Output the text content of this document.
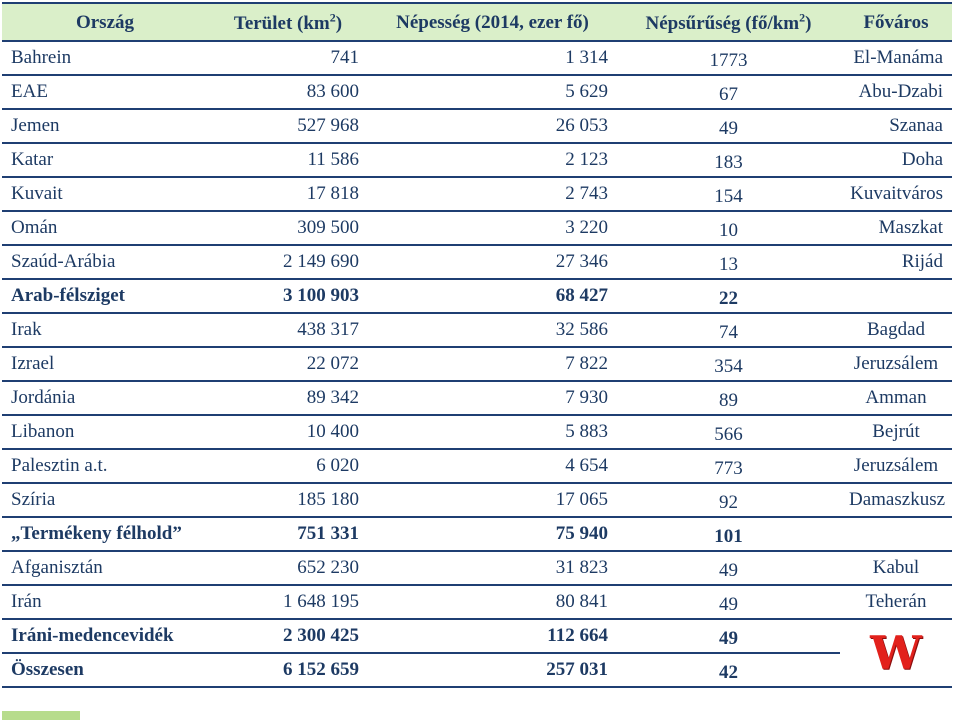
Ország	Terület $(km^2)$	Népesség (2014, ezer fő)	Népsűrűség $(fő/km^2)$	Főváros
Bahrein	741	1 314	1773	El-Manáma
EAE	83 600	5 629	67	Abu-Dzabi
Jemen	527 968	26 053	49	Szanaa
Katar	11 586	2 123	183	Doha
Kuvait	17 818	2 743	154	Kuvaitváros
Omán	309 500	3 220	10	Maszkat
Szaúd-Arábia	2 149 690	27 346	13	Rijád
Arab-félsziget	3 100 903	68 427	22	
Irak	438 317	32 586	74	Bagdad
Izrael	22 072	7 822	354	Jeruzsálem
Jordánia	89 342	7 930	89	Amman
Libanon	10 400	5 883	566	Bejrút
Palesztin a.t.	6 020	4 654	773	Jeruzsálem
Szíria	185 180	17 065	92	Damaszkusz
„Termékeny félhold”	751 331	75 940	101	
Afganisztán	652 230	31 823	49	Kabul
Irán	1 648 195	80 841	49	Teherán
Iráni-medencevidék	2 300 425	112 664	49	W
Összesen	6 152 659	257 031	42	
